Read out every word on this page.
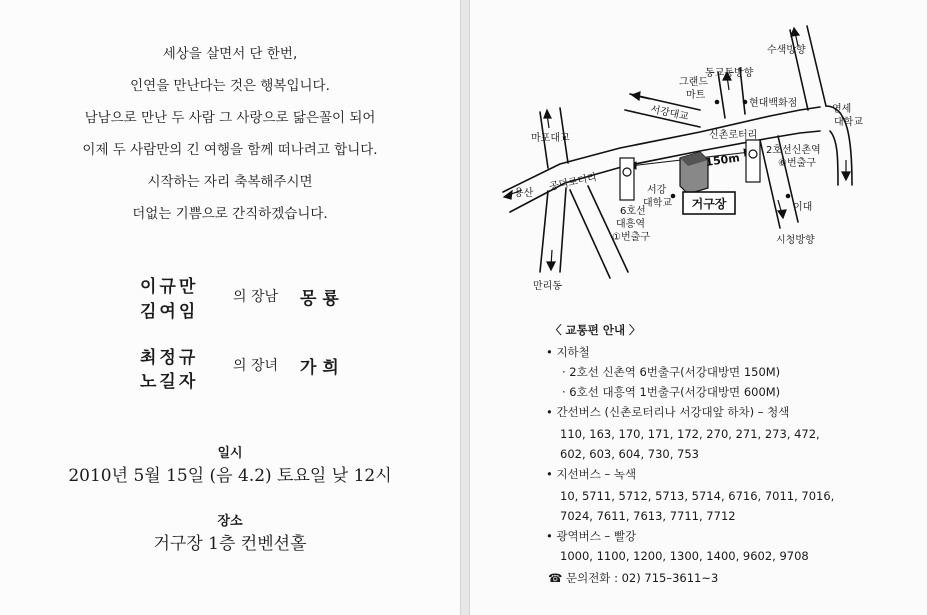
세상을 살면서 단 한번,
인연을 만난다는 것은 행복입니다.
남남으로 만난 두 사람 그 사랑으로 닮은꼴이 되어
이제 두 사람만의 긴 여행을 함께 떠나려고 합니다.
시작하는 자리 축복해주시면
더없는 기쁨으로 간직하겠습니다.
이규만
김여임
의 장남 몽룡
최정규
노길자
의 장녀 가희
일시
2010년 5월 15일 (음 4.2) 토요일 낮 12시
장소
거구장 1층 컨벤션홀
거구장
수색방향
동교동방향
그랜드
마트
현대백화점
연세
대학교
서강대교
마포대교	신촌로터리
2호선신촌역
⑥번출구
용산
공덕로터리	서강
대학교	이대
6호선
대흥역
①번출구	시청방향
만리동
150m
〈 교통편 안내 〉
• 지하철
· 2호선 신촌역 6번출구(서강대방면 150M)
· 6호선 대흥역 1번출구(서강대방면 600M)
• 간선버스 (신촌로터리나 서강대앞 하차) – 청색
110, 163, 170, 171, 172, 270, 271, 273, 472,
602, 603, 604, 730, 753
• 지선버스 – 녹색
10, 5711, 5712, 5713, 5714, 6716, 7011, 7016,
7024, 7611, 7613, 7711, 7712
• 광역버스 – 빨강
1000, 1100, 1200, 1300, 1400, 9602, 9708
☎ 문의전화 : 02) 715–3611~3
